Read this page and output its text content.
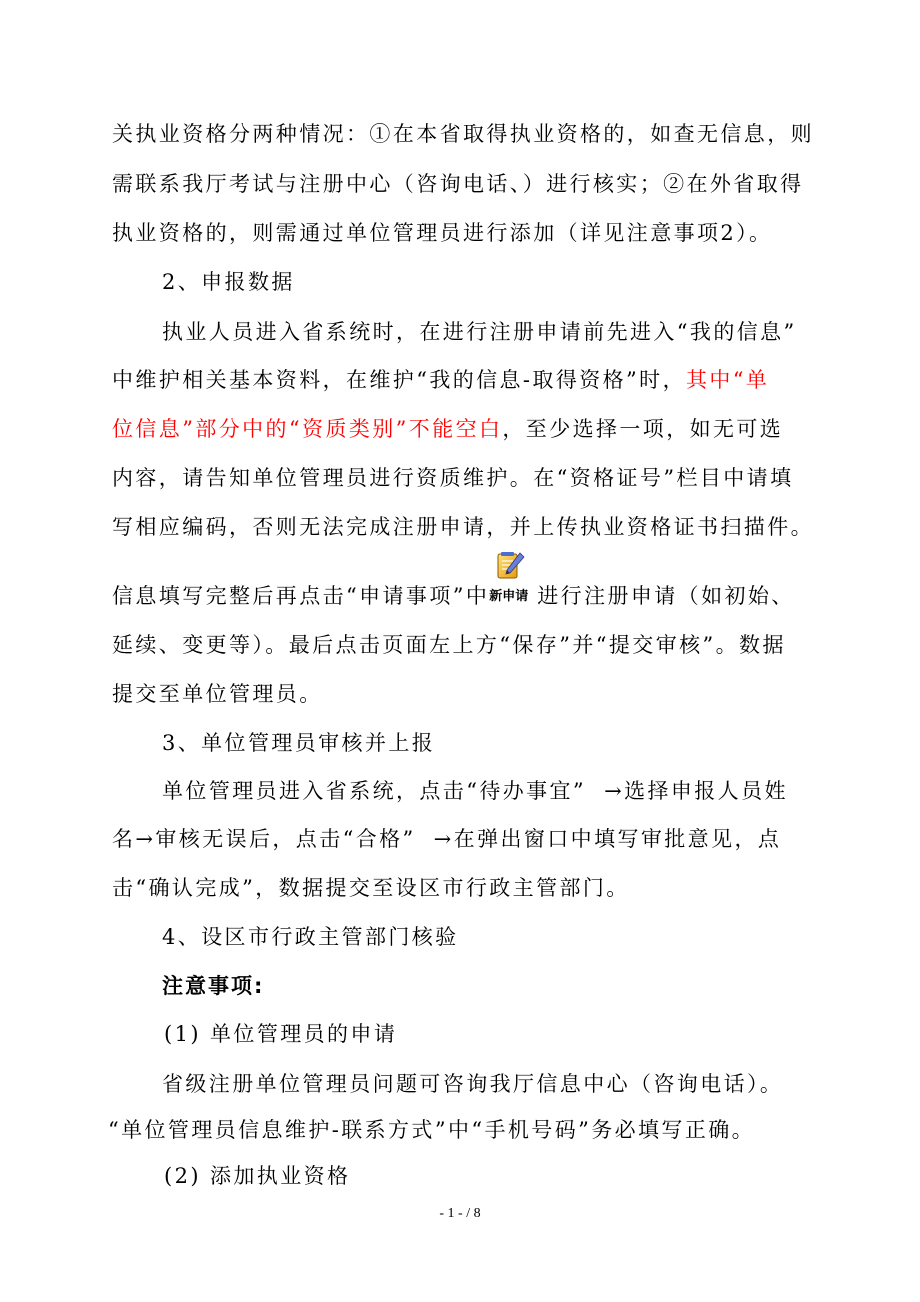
关执业资格分两种情况：①在本省取得执业资格的，如查无信息，则
需联系我厅考试与注册中心（咨询电话、）进行核实；②在外省取得
执业资格的，则需通过单位管理员进行添加（详见注意事项2）。
2、申报数据
执业人员进入省系统时，在进行注册申请前先进入“我的信息”
中维护相关基本资料，在维护“我的信息-取得资格”时，其中“单
位信息”部分中的“资质类别”不能空白，至少选择一项，如无可选
内容，请告知单位管理员进行资质维护。在“资格证号”栏目中请填
写相应编码，否则无法完成注册申请，并上传执业资格证书扫描件。
信息填写完整后再点击“申请事项”中 新申请 进行注册申请（如初始、
延续、变更等）。最后点击页面左上方“保存”并“提交审核”。数据
提交至单位管理员。
3、单位管理员审核并上报
单位管理员进入省系统，点击“待办事宜” →选择申报人员姓
名→审核无误后，点击“合格” →在弹出窗口中填写审批意见，点
击“确认完成”，数据提交至设区市行政主管部门。
4、设区市行政主管部门核验
注意事项:
(1) 单位管理员的申请
省级注册单位管理员问题可咨询我厅信息中心（咨询电话）。
“单位管理员信息维护-联系方式”中“手机号码”务必填写正确。
(2) 添加执业资格
- 1 - / 8
